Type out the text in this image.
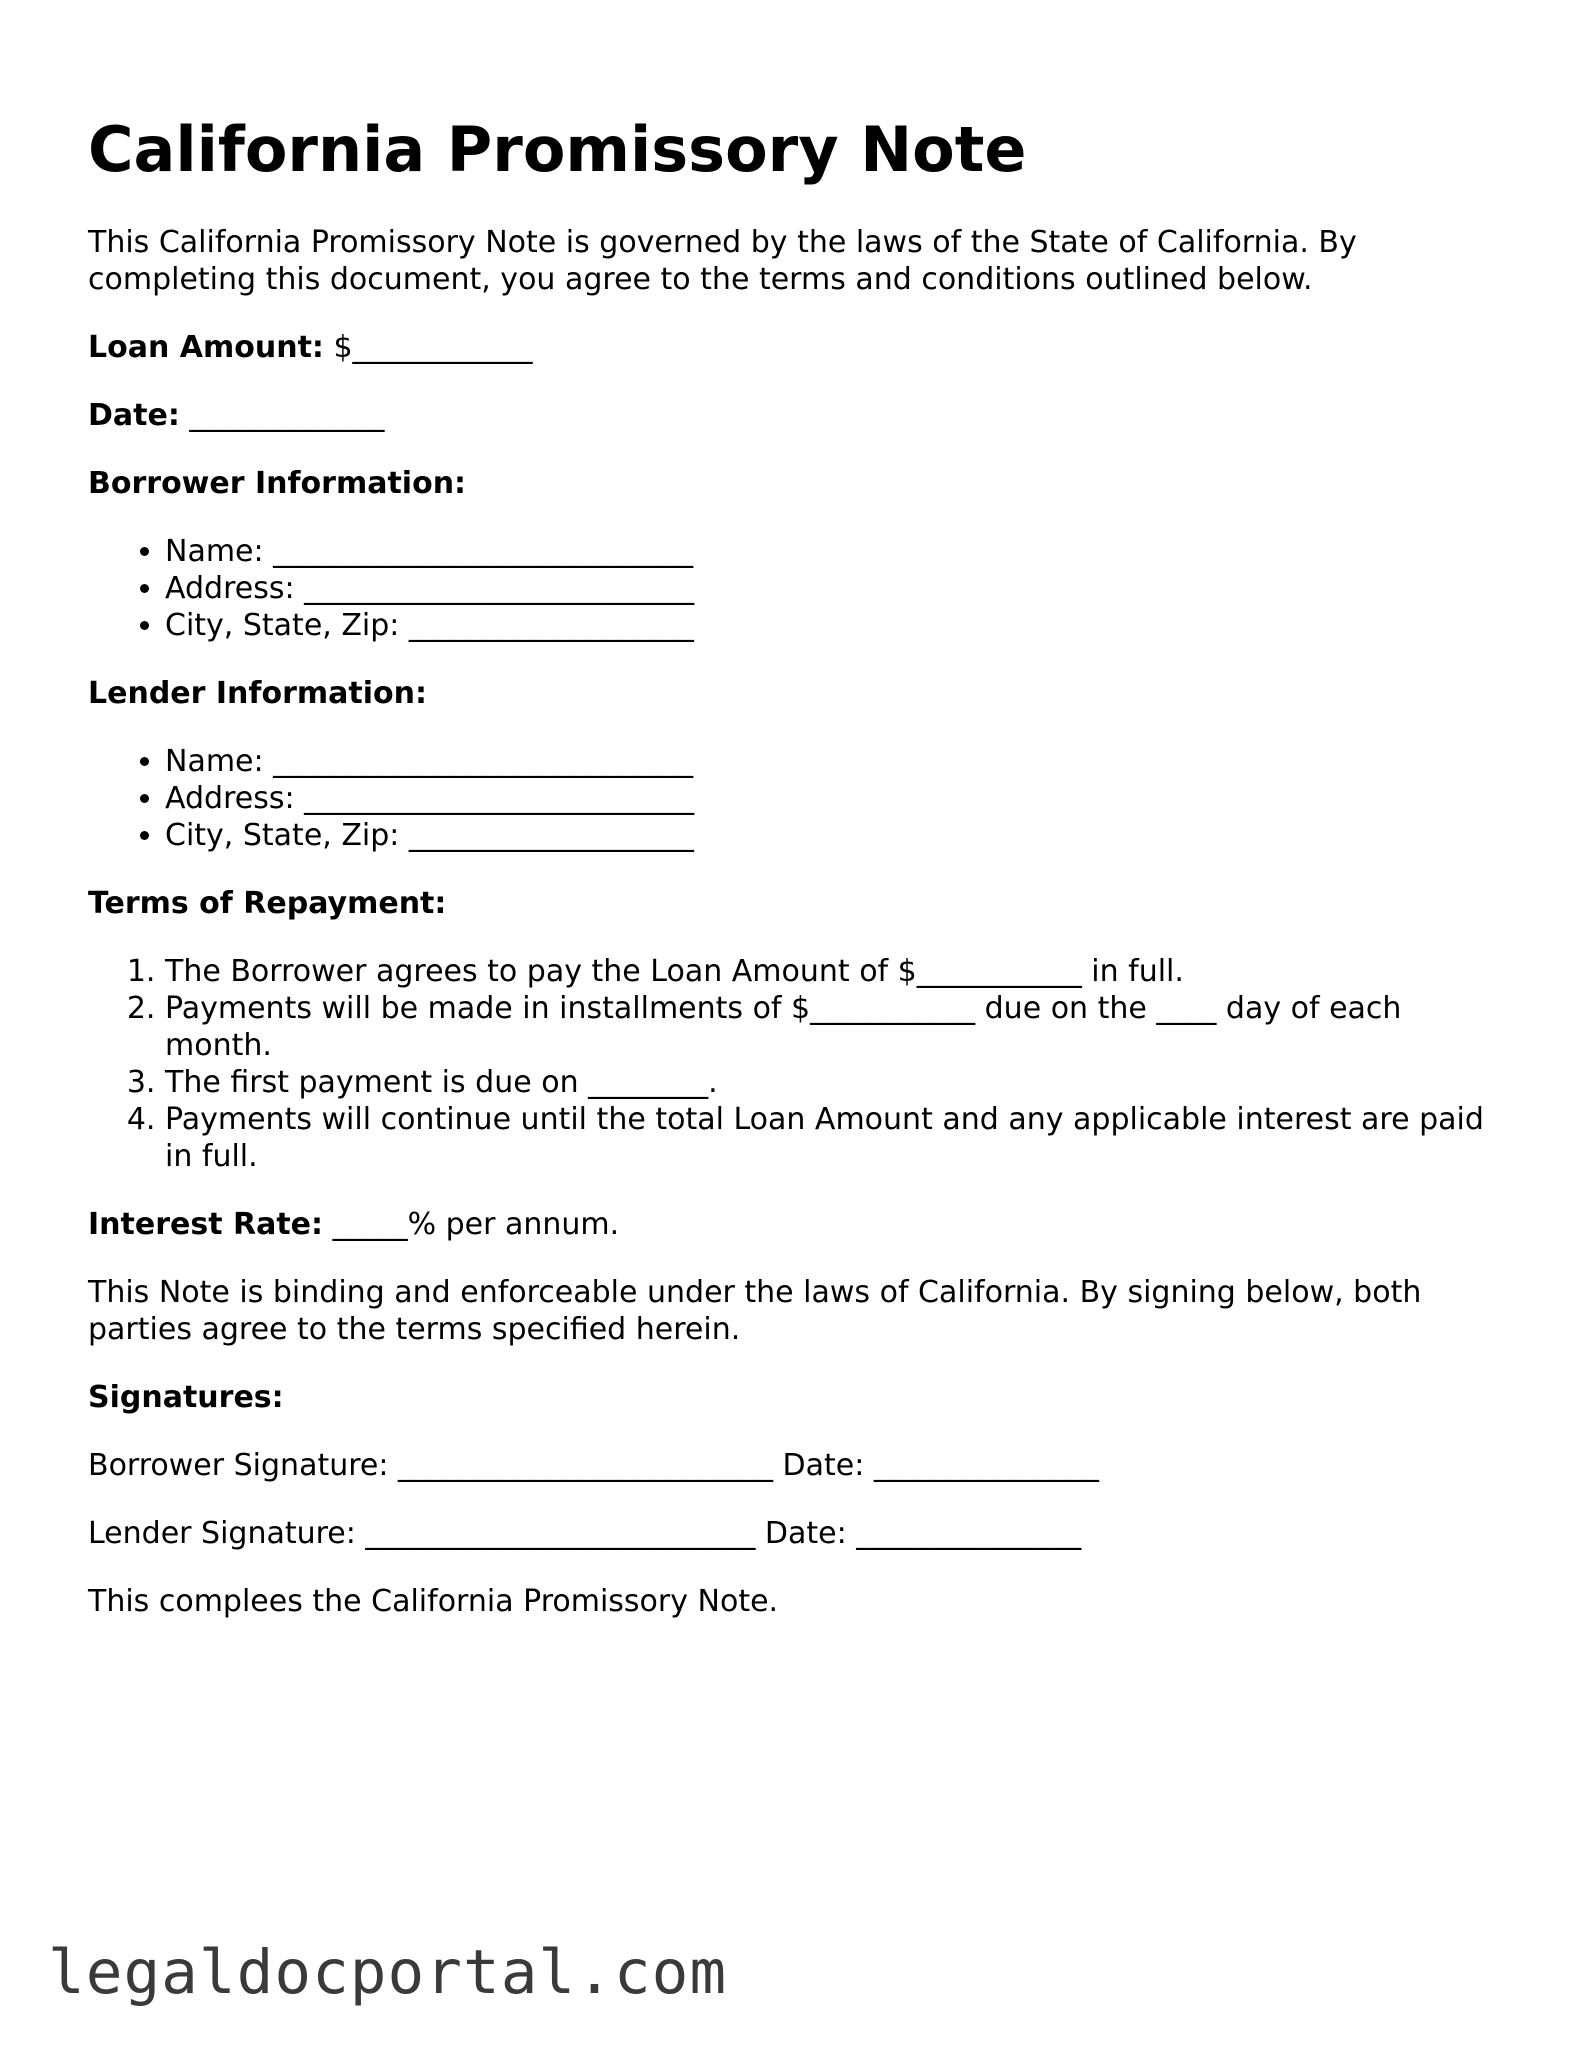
California Promissory Note

This California Promissory Note is governed by the laws of the State of California. By completing this document, you agree to the terms and conditions outlined below.

Loan Amount: $____________

Date: _____________

Borrower Information:

• Name: ____________________________
• Address: __________________________
• City, State, Zip: ___________________

Lender Information:

• Name: ____________________________
• Address: __________________________
• City, State, Zip: ___________________

Terms of Repayment:

1. The Borrower agrees to pay the Loan Amount of $___________ in full.
2. Payments will be made in installments of $___________ due on the ____ day of each month.
3. The first payment is due on ________.
4. Payments will continue until the total Loan Amount and any applicable interest are paid in full.

Interest Rate: _____% per annum.

This Note is binding and enforceable under the laws of California. By signing below, both parties agree to the terms specified herein.

Signatures:

Borrower Signature: _________________________ Date: _______________

Lender Signature: __________________________ Date: _______________

This complees the California Promissory Note.

legaldocportal.com
